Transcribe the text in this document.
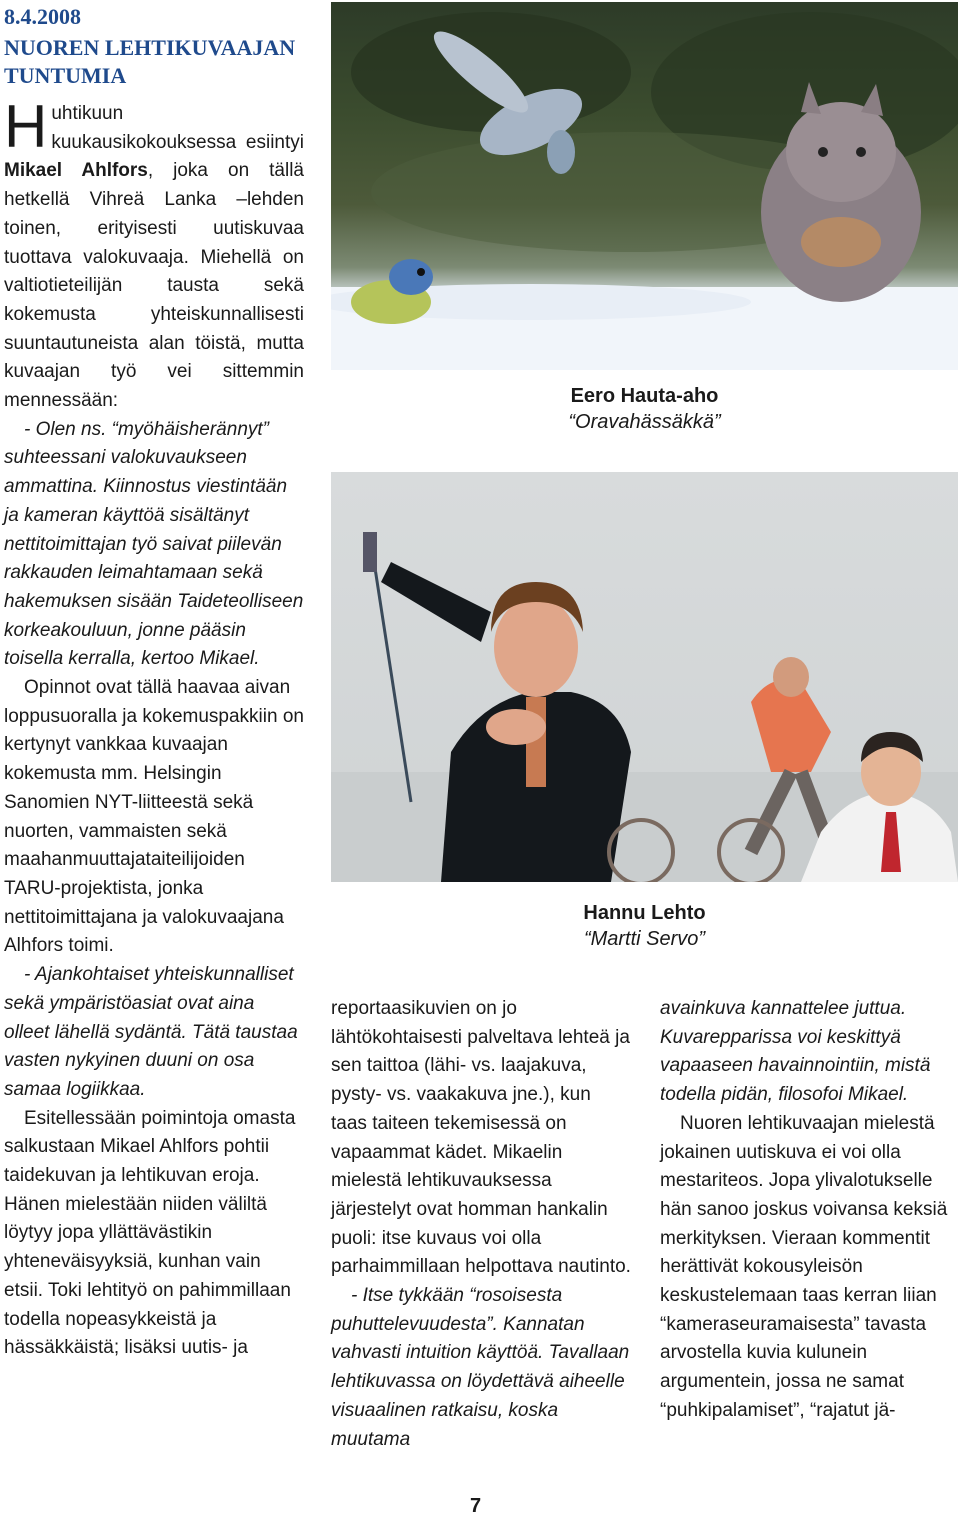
8.4.2008
NUOREN LEHTIKUVAAJAN TUNTUMIA

Huhtikuun kuukausikokouksessa esiintyi Mikael Ahlfors, joka on tällä hetkellä Vihreä Lanka –lehden toinen, erityisesti uutiskuvaa tuottava valokuvaaja. Miehellä on valtiotieteilijän tausta sekä kokemusta yhteiskunnallisesti suuntautuneista alan töistä, mutta kuvaajan työ vei sittemmin mennessään:

- Olen ns. “myöhäisherännyt” suhteessani valokuvaukseen ammattina. Kiinnostus viestintään ja kameran käyttöä sisältänyt nettitoimittajan työ saivat piilevän rakkauden leimahtamaan sekä hakemuksen sisään Taideteolliseen korkeakouluun, jonne pääsin toisella kerralla, kertoo Mikael.

Opinnot ovat tällä haavaa aivan loppusuoralla ja kokemuspakkiin on kertynyt vankkaa kuvaajan kokemusta mm. Helsingin Sanomien NYT-liitteestä sekä nuorten, vammaisten sekä maahanmuuttajataiteilijoiden TARU-projektista, jonka nettitoimittajana ja valokuvaajana Alhfors toimi.

- Ajankohtaiset yhteiskunnalliset sekä ympäristöasiat ovat aina olleet lähellä sydäntä. Tätä taustaa vasten nykyinen duuni on osa samaa logiikkaa.

Esitellessään poimintoja omasta salkustaan Mikael Ahlfors pohtii taidekuvan ja lehtikuvan eroja. Hänen mielestään niiden väliltä löytyy jopa yllättävästikin yhteneväisyyksiä, kunhan vain etsii. Toki lehtityö on pahimmillaan todella nopeasykkeistä ja hässäkkäistä; lisäksi uutis- ja

Eero Hauta-aho
“Oravahässäkkä”
Hannu Lehto
“Martti Servo”

reportaasikuvien on jo lähtökohtaisesti palveltava lehteä ja sen taittoa (lähi- vs. laajakuva, pysty- vs. vaakakuva jne.), kun taas taiteen tekemisessä on vapaammat kädet. Mikaelin mielestä lehtikuvauksessa järjestelyt ovat homman hankalin puoli: itse kuvaus voi olla parhaimmillaan helpottava nautinto.

- Itse tykkään “rosoisesta puhuttelevuudesta”. Kannatan vahvasti intuition käyttöä. Tavallaan lehtikuvassa on löydettävä aiheelle visuaalinen ratkaisu, koska muutama

avainkuva kannattelee juttua. Kuvarepparissa voi keskittyä vapaaseen havainnointiin, mistä todella pidän, filosofoi Mikael.

Nuoren lehtikuvaajan mielestä jokainen uutiskuva ei voi olla mestariteos. Jopa ylivalotukselle hän sanoo joskus voivansa keksiä merkityksen. Vieraan kommentit herättivät kokousyleisön keskustelemaan taas kerran liian “kameraseuramaisesta” tavasta arvostella kuvia kulunein argumentein, jossa ne samat “puhkipalamiset”, “rajatut jä-

7
